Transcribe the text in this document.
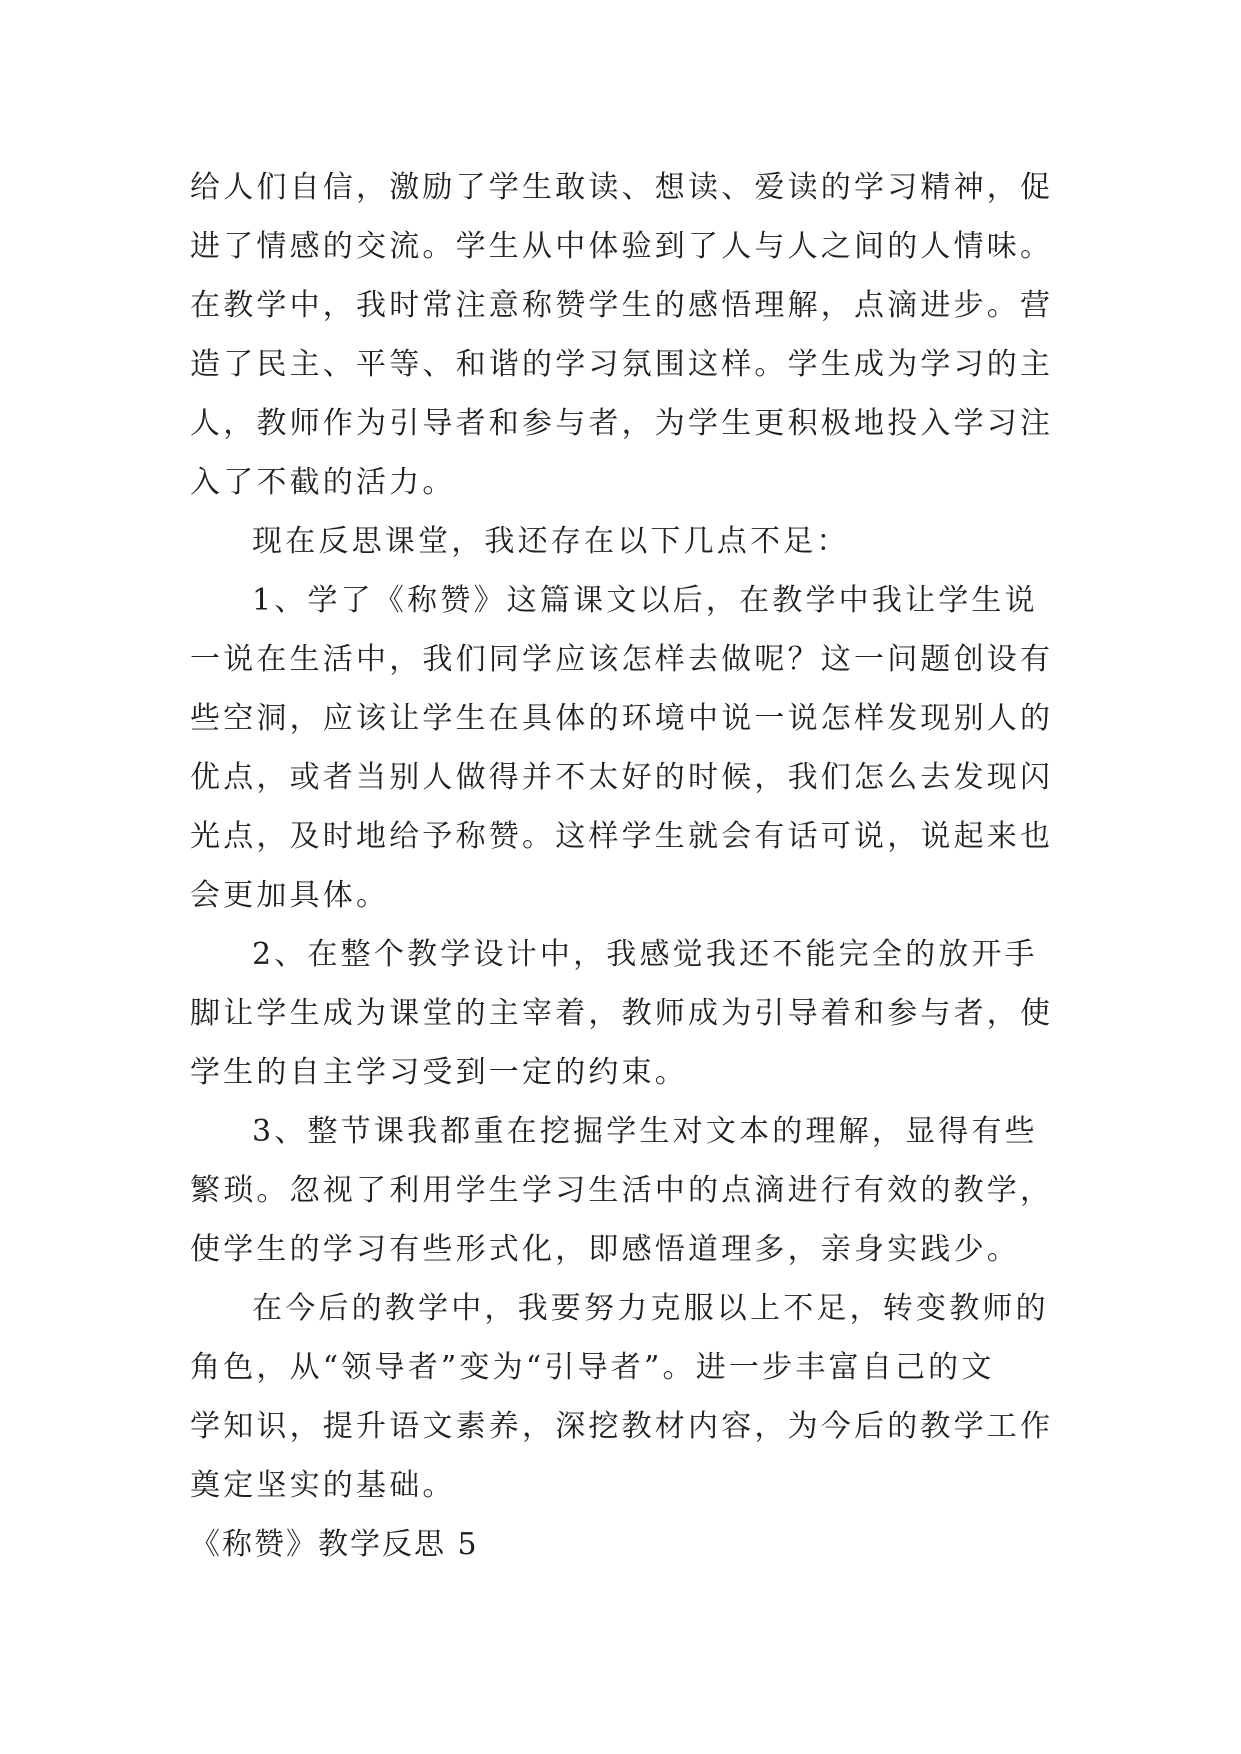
给人们自信，激励了学生敢读、想读、爱读的学习精神，促
进了情感的交流。学生从中体验到了人与人之间的人情味。
在教学中，我时常注意称赞学生的感悟理解，点滴进步。营
造了民主、平等、和谐的学习氛围这样。学生成为学习的主
人，教师作为引导者和参与者，为学生更积极地投入学习注
入了不截的活力。
现在反思课堂，我还存在以下几点不足：
1、学了《称赞》这篇课文以后，在教学中我让学生说
一说在生活中，我们同学应该怎样去做呢？这一问题创设有
些空洞，应该让学生在具体的环境中说一说怎样发现别人的
优点，或者当别人做得并不太好的时候，我们怎么去发现闪
光点，及时地给予称赞。这样学生就会有话可说，说起来也
会更加具体。
2、在整个教学设计中，我感觉我还不能完全的放开手
脚让学生成为课堂的主宰着，教师成为引导着和参与者，使
学生的自主学习受到一定的约束。
3、整节课我都重在挖掘学生对文本的理解，显得有些
繁琐。忽视了利用学生学习生活中的点滴进行有效的教学，
使学生的学习有些形式化，即感悟道理多，亲身实践少。
在今后的教学中，我要努力克服以上不足，转变教师的
角色，从“领导者”变为“引导者”。进一步丰富自己的文
学知识，提升语文素养，深挖教材内容，为今后的教学工作
奠定坚实的基础。
《称赞》教学反思 5
